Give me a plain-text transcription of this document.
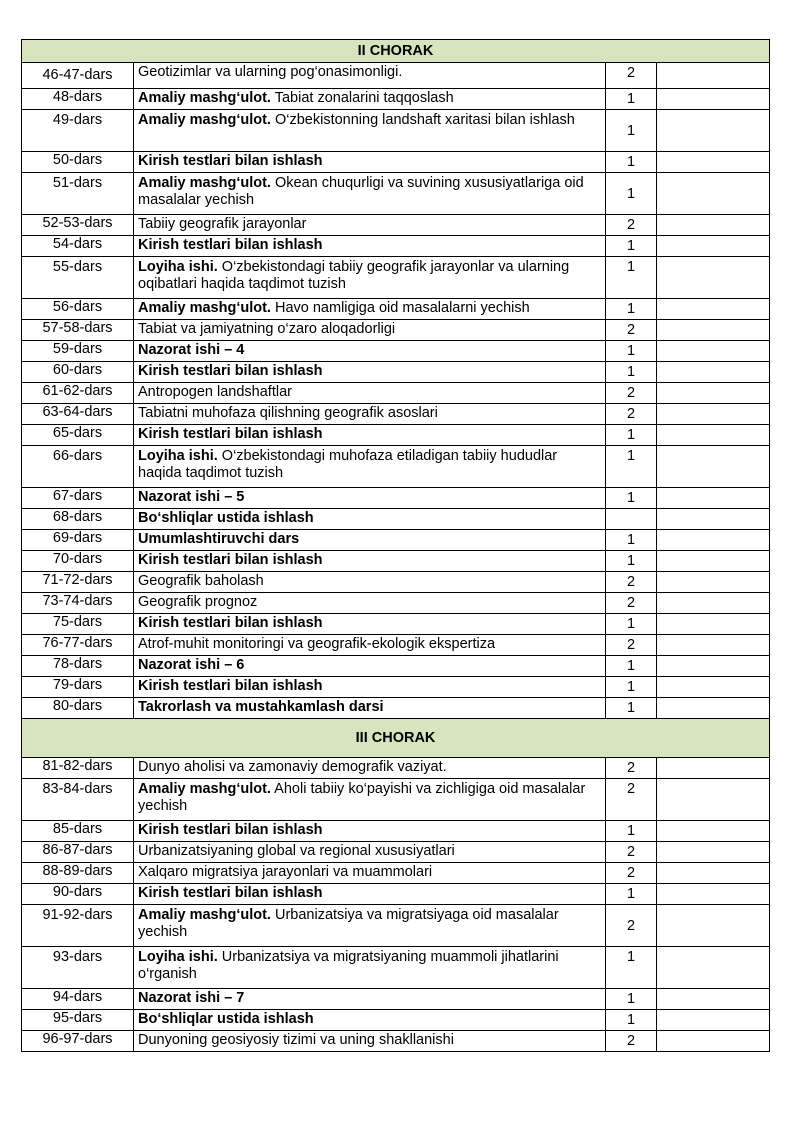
II CHORAK			
46-47-dars	Geotizimlar va ularning pog‘onasimonligi.	2	
48-dars	Amaliy mashg‘ulot. Tabiat zonalarini taqqoslash	1	
49-dars	Amaliy mashg‘ulot. O‘zbekistonning landshaft xaritasi bilan ishlash	1	
50-dars	Kirish testlari bilan ishlash	1	
51-dars	Amaliy mashg‘ulot. Okean chuqurligi va suvining xususiyatlariga oid masalalar yechish	1	
52-53-dars	Tabiiy geografik jarayonlar	2	
54-dars	Kirish testlari bilan ishlash	1	
55-dars	Loyiha ishi. O‘zbekistondagi tabiiy geografik jarayonlar va ularning oqibatlari haqida taqdimot tuzish	1	
56-dars	Amaliy mashg‘ulot. Havo namligiga oid masalalarni yechish	1	
57-58-dars	Tabiat va jamiyatning o‘zaro aloqadorligi	2	
59-dars	Nazorat ishi – 4	1	
60-dars	Kirish testlari bilan ishlash	1	
61-62-dars	Antropogen landshaftlar	2	
63-64-dars	Tabiatni muhofaza qilishning geografik asoslari	2	
65-dars	Kirish testlari bilan ishlash	1	
66-dars	Loyiha ishi. O‘zbekistondagi muhofaza etiladigan tabiiy hududlar haqida taqdimot tuzish	1	
67-dars	Nazorat ishi – 5	1	
68-dars	Bo‘shliqlar ustida ishlash		
69-dars	Umumlashtiruvchi dars	1	
70-dars	Kirish testlari bilan ishlash	1	
71-72-dars	Geografik baholash	2	
73-74-dars	Geografik prognoz	2	
75-dars	Kirish testlari bilan ishlash	1	
76-77-dars	Atrof-muhit monitoringi va geografik-ekologik ekspertiza	2	
78-dars	Nazorat ishi – 6	1	
79-dars	Kirish testlari bilan ishlash	1	
80-dars	Takrorlash va mustahkamlash darsi	1	

III CHORAK			
81-82-dars	Dunyo aholisi va zamonaviy demografik vaziyat.	2	
83-84-dars	Amaliy mashg‘ulot. Aholi tabiiy ko‘payishi va zichligiga oid masalalar yechish	2	
85-dars	Kirish testlari bilan ishlash	1	
86-87-dars	Urbanizatsiyaning global va regional xususiyatlari	2	
88-89-dars	Xalqaro migratsiya jarayonlari va muammolari	2	
90-dars	Kirish testlari bilan ishlash	1	
91-92-dars	Amaliy mashg‘ulot. Urbanizatsiya va migratsiyaga oid masalalar yechish	2	
93-dars	Loyiha ishi. Urbanizatsiya va migratsiyaning muammoli jihatlarini o‘rganish	1	
94-dars	Nazorat ishi – 7	1	
95-dars	Bo‘shliqlar ustida ishlash	1	
96-97-dars	Dunyoning geosiyosiy tizimi va uning shakllanishi	2	
